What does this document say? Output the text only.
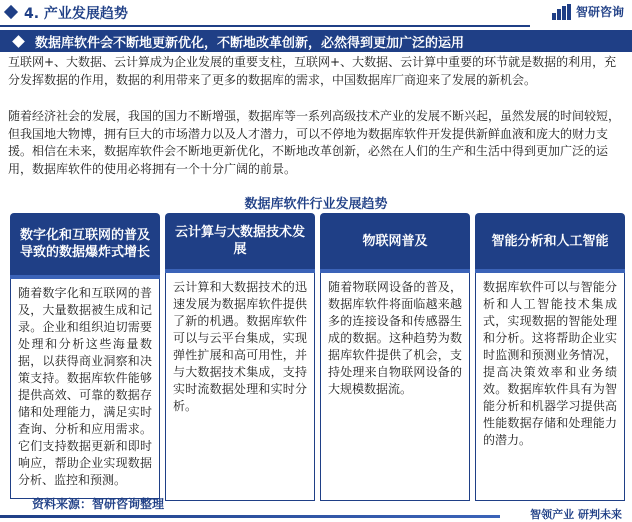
4. 产业发展趋势	智研咨询
数据库软件会不断地更新优化，不断地改革创新，必然得到更加广泛的运用

互联网+、大数据、云计算成为企业发展的重要支柱，互联网+、大数据、云计算中重要的环节就是数据的利用，充分发挥数据的作用，数据的利用带来了更多的数据库的需求，中国数据库厂商迎来了发展的新机会。

随着经济社会的发展，我国的国力不断增强，数据库等一系列高级技术产业的发展不断兴起，虽然发展的时间较短，但我国地大物博，拥有巨大的市场潜力以及人才潜力，可以不停地为数据库软件开发提供新鲜血液和庞大的财力支援。相信在未来，数据库软件会不断地更新优化，不断地改革创新，必然在人们的生产和生活中得到更加广泛的运用，数据库软件的使用必将拥有一个十分广阔的前景。

数据库软件行业发展趋势
数字化和互联网的普及导致的数据爆炸式增长
随着数字化和互联网的普及，大量数据被生成和记录。企业和组织迫切需要处理和分析这些海量数据，以获得商业洞察和决策支持。数据库软件能够提供高效、可靠的数据存储和处理能力，满足实时查询、分析和应用需求。它们支持数据更新和即时响应，帮助企业实现数据分析、监控和预测。
云计算与大数据技术发展
云计算和大数据技术的迅速发展为数据库软件提供了新的机遇。数据库软件可以与云平台集成，实现弹性扩展和高可用性，并与大数据技术集成，支持实时流数据处理和实时分析。
物联网普及
随着物联网设备的普及，数据库软件将面临越来越多的连接设备和传感器生成的数据。这种趋势为数据库软件提供了机会，支持处理来自物联网设备的大规模数据流。
智能分析和人工智能
数据库软件可以与智能分析和人工智能技术集成式，实现数据的智能处理和分析。这将帮助企业实时监测和预测业务情况，提高决策效率和业务绩效。数据库软件具有为智能分析和机器学习提供高性能数据存储和处理能力的潜力。
资料来源：智研咨询整理
智领产业 研判未来
